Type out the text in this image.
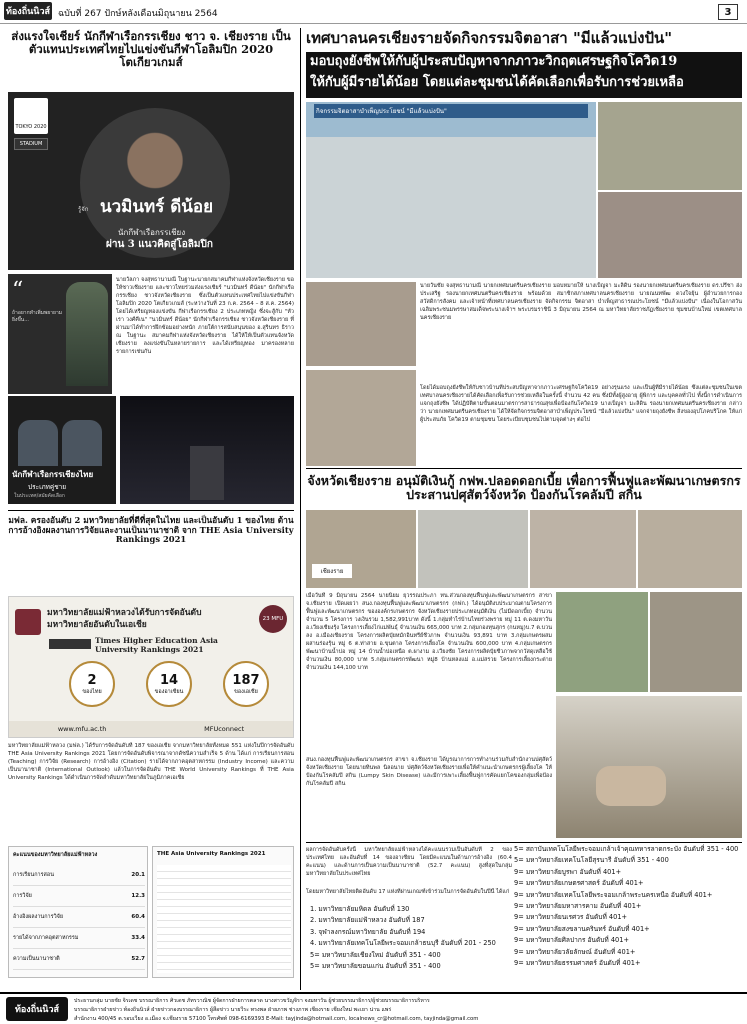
ท้องถิ่นนิวส์ ฉบับที่ 267 ปักษ์หลังเดือนมิถุนายน 2564	3
ส่งแรงใจเชียร์ นักกีฬาเรือกรรเชียง ชาว จ. เชียงราย เป็นตัวแทนประเทศไทยไปแข่งขันกีฬาโอลิมปิก 2020 โตเกียวเกมส์
TOKYO 2020
STADIUM
รู้จัก นวมินทร์ ดีน้อย
นักกีฬาเรือกรรเชียง
ผ่าน 3 แนวคิดสู่โอลิมปิก
“
ถ้าอยากทำเพิ่มพยายามยิ่งขึ้น...
นายวัลภา จงสุทธานามณี ในฐานะนายกสมาคมกีฬาแห่งจังหวัดเชียงราย ขอให้ชาวเชียงราย และชาวไทยร่วมส่งแรงเชียร์ "นวมินทร์ ดีน้อย" นักกีฬาเรือกรรเชียง ชาวจังหวัดเชียงราย ซึ่งเป็นตัวแทนประเทศไทยไปแข่งขันกีฬาโอลิมปิก 2020 โตเกียวเกมส์ (ระหว่างวันที่ 23 ก.ค. 2564 – 8 ส.ค. 2564) โดยได้เหรียญทองแข่งขัน กีฬาเรือกรรเชียง 2 ประเภทหญิง ซึ่งจะสู้กับ "หัวเรา วงศ์คีเน" "นวมินทร์ ดีน้อย" นักกีฬาเรือกรรเชียง ชาวจังหวัดเชียงราย ที่ผ่านมาได้ทำการฝึกซ้อมอย่างหนัก ภายใต้การสนับสนุนของ อ.สุรินทร ธิราวณ ในฐานะ สมาคมกีฬาแห่งจังหวัดเชียงราย ได้ให้ให้เป็นตัวแทนจังหวัดเชียงราย ลงแข่งขันในหลายรายการ และได้เหรียญทอง มาครองหลายรายการเช่นกัน
นักกีฬาเรือกรรเชียงไทย
ประเภทคู่ชาย
ในประเทศ/สมัยคัดเลือก
มฟล. ครองอันดับ 2 มหาวิทยาลัยที่ดีที่สุดในไทย และเป็นอันดับ 1 ของไทย ด้านการอ้างอิงผลงานการวิจัยและงานเป็นนานาชาติ จาก THE Asia University Rankings 2021
มหาวิทยาลัยแม่ฟ้าหลวงได้รับการจัดอันดับ
มหาวิทยาลัยอันดับในเอเชีย
23 MFU
Times Higher Education Asia University Rankings 2021
2
ของไทย
14
ของอาเซียน
187
ของเอเชีย
www.mfu.ac.th	MFUconnect
มหาวิทยาลัยแม่ฟ้าหลวง (มฟล.) ได้รับการจัดอันดับที่ 187 ของเอเชีย จากมหาวิทยาลัยทั้งหมด 551 แห่งในปีการจัดอันดับ THE Asia University Rankings 2021 โดยการจัดอันดับพิจารณาจากดัชนีความสำเร็จ 5 ด้าน ได้แก่ การเรียนการสอน (Teaching) การวิจัย (Research) การอ้างอิง (Citation) รายได้จากภาคอุตสาหกรรม (Industry Income) และความเป็นนานาชาติ (International Outlook) แล้วในการจัดอันดับ THE World University Rankings ที่ THE Asia University Rankings ได้ดำเนินการจัดลำดับมหาวิทยาลัยในภูมิภาคเอเชีย
คะแนนของมหาวิทยาลัยแม่ฟ้าหลวง
การเรียนการสอน	20.1
การวิจัย	12.3
อ้างอิงผลงานการวิจัย	60.4
รายได้จากภาคอุตสาหกรรม	33.4
ความเป็นนานาชาติ	52.7
THE Asia University Rankings 2021
เทศบาลนครเชียงรายจัดกิจกรรมจิตอาสา "มีแล้วแบ่งปัน"
มอบถุงยังชีพให้กับผู้ประสบปัญหาจากภาวะวิกฤตเศรษฐกิจโควิด19
ให้กับผู้มีรายได้น้อย โดยแต่ละชุมชนได้คัดเลือกเพื่อรับการช่วยเหลือ
กิจกรรมจิตอาสาบำเพ็ญประโยชน์ "มีแล้วแบ่งปัน"
นายวันชัย จงสุทธานามณี นายกเทศมนตรีนครเชียงราย มอบหมายให้ นางเบ็ญจา มะลิดิน รองนายกเทศมนตรีนครเชียงราย ดร.ปรีชา ฮ่งประเสริฐ รองนายกเทศมนตรีนครเชียงราย พร้อมด้วย สมาชิกสภาเทศบาลนครเชียงราย นายณนทพัฒ ดวงใจยุ้น ผู้อำนวยการกองสวัสดิการสังคม และเจ้าหน้าที่เทศบาลนครเชียงราย จัดกิจกรรม จิตอาสา บำเพ็ญสาธารณประโยชน์ "มีแล้วแบ่งปัน" เนื่องในโอกาสวันเฉลิมพระชนมพรรษาสมเด็จพระนางเจ้าฯ พระบรมราชินี 3 มิถุนายน 2564 ณ มหาวิทยาลัยราชภัฏเชียงราย ชุมชนบ้านใหม่ เขตเทศบาลนครเชียงราย
โดยได้มอบถุงยังชีพให้กับชาวบ้านที่ประสบปัญหาจากภาวะเศรษฐกิจโควิด19 อย่างรุนแรง และเป็นผู้ที่มีรายได้น้อย ซึ่งแต่ละชุมชนในเขตเทศบาลนครเชียงรายได้คัดเลือกเพื่อรับการช่วยเหลือในครั้งนี้ จำนวน 42 คน ซึ่งมีทั้งผู้สูงอายุ ผู้พิการ และบุคคลทั่วไป ทั้งนี้การดำเนินการแจกถุงยังชีพ ได้ปฏิบัติตามขั้นตอนมาตรการสาธารณสุขเพื่อป้องกันโควิด19 นางเบ็ญจา มะลิดิน รองนายกเทศมนตรีนครเชียงราย กล่าวว่า นายกเทศมนตรีนครเชียงราย ได้ให้จัดกิจกรรมจิตอาสาบำเพ็ญประโยชน์ "มีแล้วแบ่งปัน" แจกจ่ายถุงยังชีพ สิ่งของอุปโภคบริโภค ให้แก่ผู้ประสบภัย โควิด19 ตามชุมชน โดยระเบียบชุมชนไปตามจุดต่างๆ ต่อไป
จังหวัดเชียงราย อนุมัติเงินกู้ กฟพ.ปลอดดอกเบี้ย เพื่อการฟื้นฟูและพัฒนาเกษตรกร ประสานปศุสัตว์จังหวัด ป้องกันโรคลัมปี สกิน
เชียงราย
เมื่อวันที่ 9 มิถุนายน 2564 นายนิยม ยุวรรณประภา ทน.ส่วนกองทุนฟื้นฟูและพัฒนาเกษตรกร สาขา จ.เชียงราย เปิดเผยว่า สนง.กองทุนฟื้นฟูและพัฒนาเกษตรกร (กฟก.) ได้อนุมัติงบประมาณตามโครงการฟื้นฟูและพัฒนาเกษตรกร ขององค์กรเกษตรกร จังหวัดเชียงรายประเภทอนุมัติเงิน (ไม่มีดอกเบี้ย) จำนวน จำนวน 5 โครงการ วงเงินรวม 1,582,991บาท ดังนี้ 1.กลุ่มทำไร่บ้านไทยร่วงพราย หมู่ 11 ต.ดงมหาวัน อ.เวียงเชียงรุ้ง โครงการเลี้ยงไก่แม่พันธุ์ จำนวนเงิน 665,000 บาท 2.กลุ่มกองทุนสุกร (กนหมู)บ.7 ต.บวนลง อ.เมืองเชียงราย โครงการผลิตปุ๋ยหมักอินทรีย์ชีวภาพ จำนวนเงิน 93,891 บาท 3.กลุ่มเกษตรผสมผสานร่องรุ้น หมู่ 6 ต.ท่าสาย อ.ขุนตาล โครงการเลี้ยงโค จำนวนเงิน 600,000 บาท 4.กลุ่มเกษตรกรพัฒนาบ้านน้ำบ่อ หมู่ 14 บ้านน้ำบ่อเหนือ ต.ผางาม อ.เวียงชัย โครงการผลิตปุ๋ยชีวภาพจากวัสดุเหลือใช้ จำนวนเงิน 80,000 บาท 5.กลุ่มเกษตรกรพัฒนา หมู่8 บ้านหลงแม่ อ.แม่สรวย โครงการเลี้ยงกระต่าย จำนวนเงิน 144,100 บาท
สนง.กองทุนฟื้นฟูและพัฒนาเกษตรกร สาขา จ.เชียงราย ได้บูรณาการการทำงานร่วมกับสำนักงานปศุสัตว์จังหวัดเชียงราย โดยนายทินพล นิลอนาย ปศุสัตว์จังหวัดเชียงรายเพื่อให้คำแนะนำเกษตรกรผู้เลี้ยงโค ให้ป้องกันโรคลัมปี สกิน (Lumpy Skin Disease) และมีการเพาะเลี้ยงฟื้นฟูการคัดแยกโคของกลุ่มเพื่อป้องกันโรคลัมปี สกิน
ผลการจัดอันดับครั้งนี้ มหาวิทยาลัยแม่ฟ้าหลวงได้คะแนนรวมเป็นอันดับที่ 2 ของประเทศไทย และอันดับที่ 14 ของอาเซียน โดยมีคะแนนในด้านการอ้างอิง (60.4 คะแนน) และด้านการเป็นความเป็นนานาชาติ (52.7 คะแนน) สูงที่สุดในกลุ่มมหาวิทยาลัยในประเทศไทย
โดยมหาวิทยาลัยไทยติดอันดับ 17 แห่งที่ผ่านเกณฑ์เข้าร่วมในการจัดอันดับในปีนี้ ได้แก่
1. มหาวิทยาลัยมหิดล อันดับที่ 130
2. มหาวิทยาลัยแม่ฟ้าหลวง อันดับที่ 187
3. จุฬาลงกรณ์มหาวิทยาลัย อันดับที่ 194
4. มหาวิทยาลัยเทคโนโลยีพระจอมเกล้าธนบุรี อันดับที่ 201 - 250
5= มหาวิทยาลัยเชียงใหม่ อันดับที่ 351 - 400
5= มหาวิทยาลัยขอนแก่น อันดับที่ 351 - 400
5= สถาบันเทคโนโลยีพระจอมเกล้าเจ้าคุณทหารลาดกระบัง อันดับที่ 351 - 400
5= มหาวิทยาลัยเทคโนโลยีสุรนารี อันดับที่ 351 - 400
9= มหาวิทยาลัยบูรพา อันดับที่ 401+
9= มหาวิทยาลัยเกษตรศาสตร์ อันดับที่ 401+
9= มหาวิทยาลัยเทคโนโลยีพระจอมเกล้าพระนครเหนือ อันดับที่ 401+
9= มหาวิทยาลัยมหาสารคาม อันดับที่ 401+
9= มหาวิทยาลัยนเรศวร อันดับที่ 401+
9= มหาวิทยาลัยสงขลานครินทร์ อันดับที่ 401+
9= มหาวิทยาลัยศิลปากร อันดับที่ 401+
9= มหาวิทยาลัยวลัยลักษณ์ อันดับที่ 401+
9= มหาวิทยาลัยธรรมศาสตร์ อันดับที่ 401+
ท้องถิ่นนิวส์
ประธานกลุ่ม นายชัย จิรเดช บรรณาธิการ ศิวเดช ภัทรวาณิช ผู้จัดการฝ่ายการตลาด นางสาวขวัญจิรา จงมหาวัน ผู้ช่วยบรรณาธิการ/ผู้ช่วยบรรณาธิการบริหาร
บรรณาธิการฝ่ายข่าว ท้องถิ่นนิวส์ ฝ่ายข่าวกองบรรณาธิการ ผู้สื่อข่าว นายวีระ ทรงพล ฝ่ายภาพ ช่างภาพ เชียงราย เชียงใหม่ พะเยา น่าน แพร่
สำนักงาน 400/45 ต.รอบเวียง อ.เมือง จ.เชียงราย 57100 โทรศัพท์ 098-6169393 E-Mail: tayjinda@hotmail.com, localnews_cr@hotmail.com, tayjinda@gmail.com
